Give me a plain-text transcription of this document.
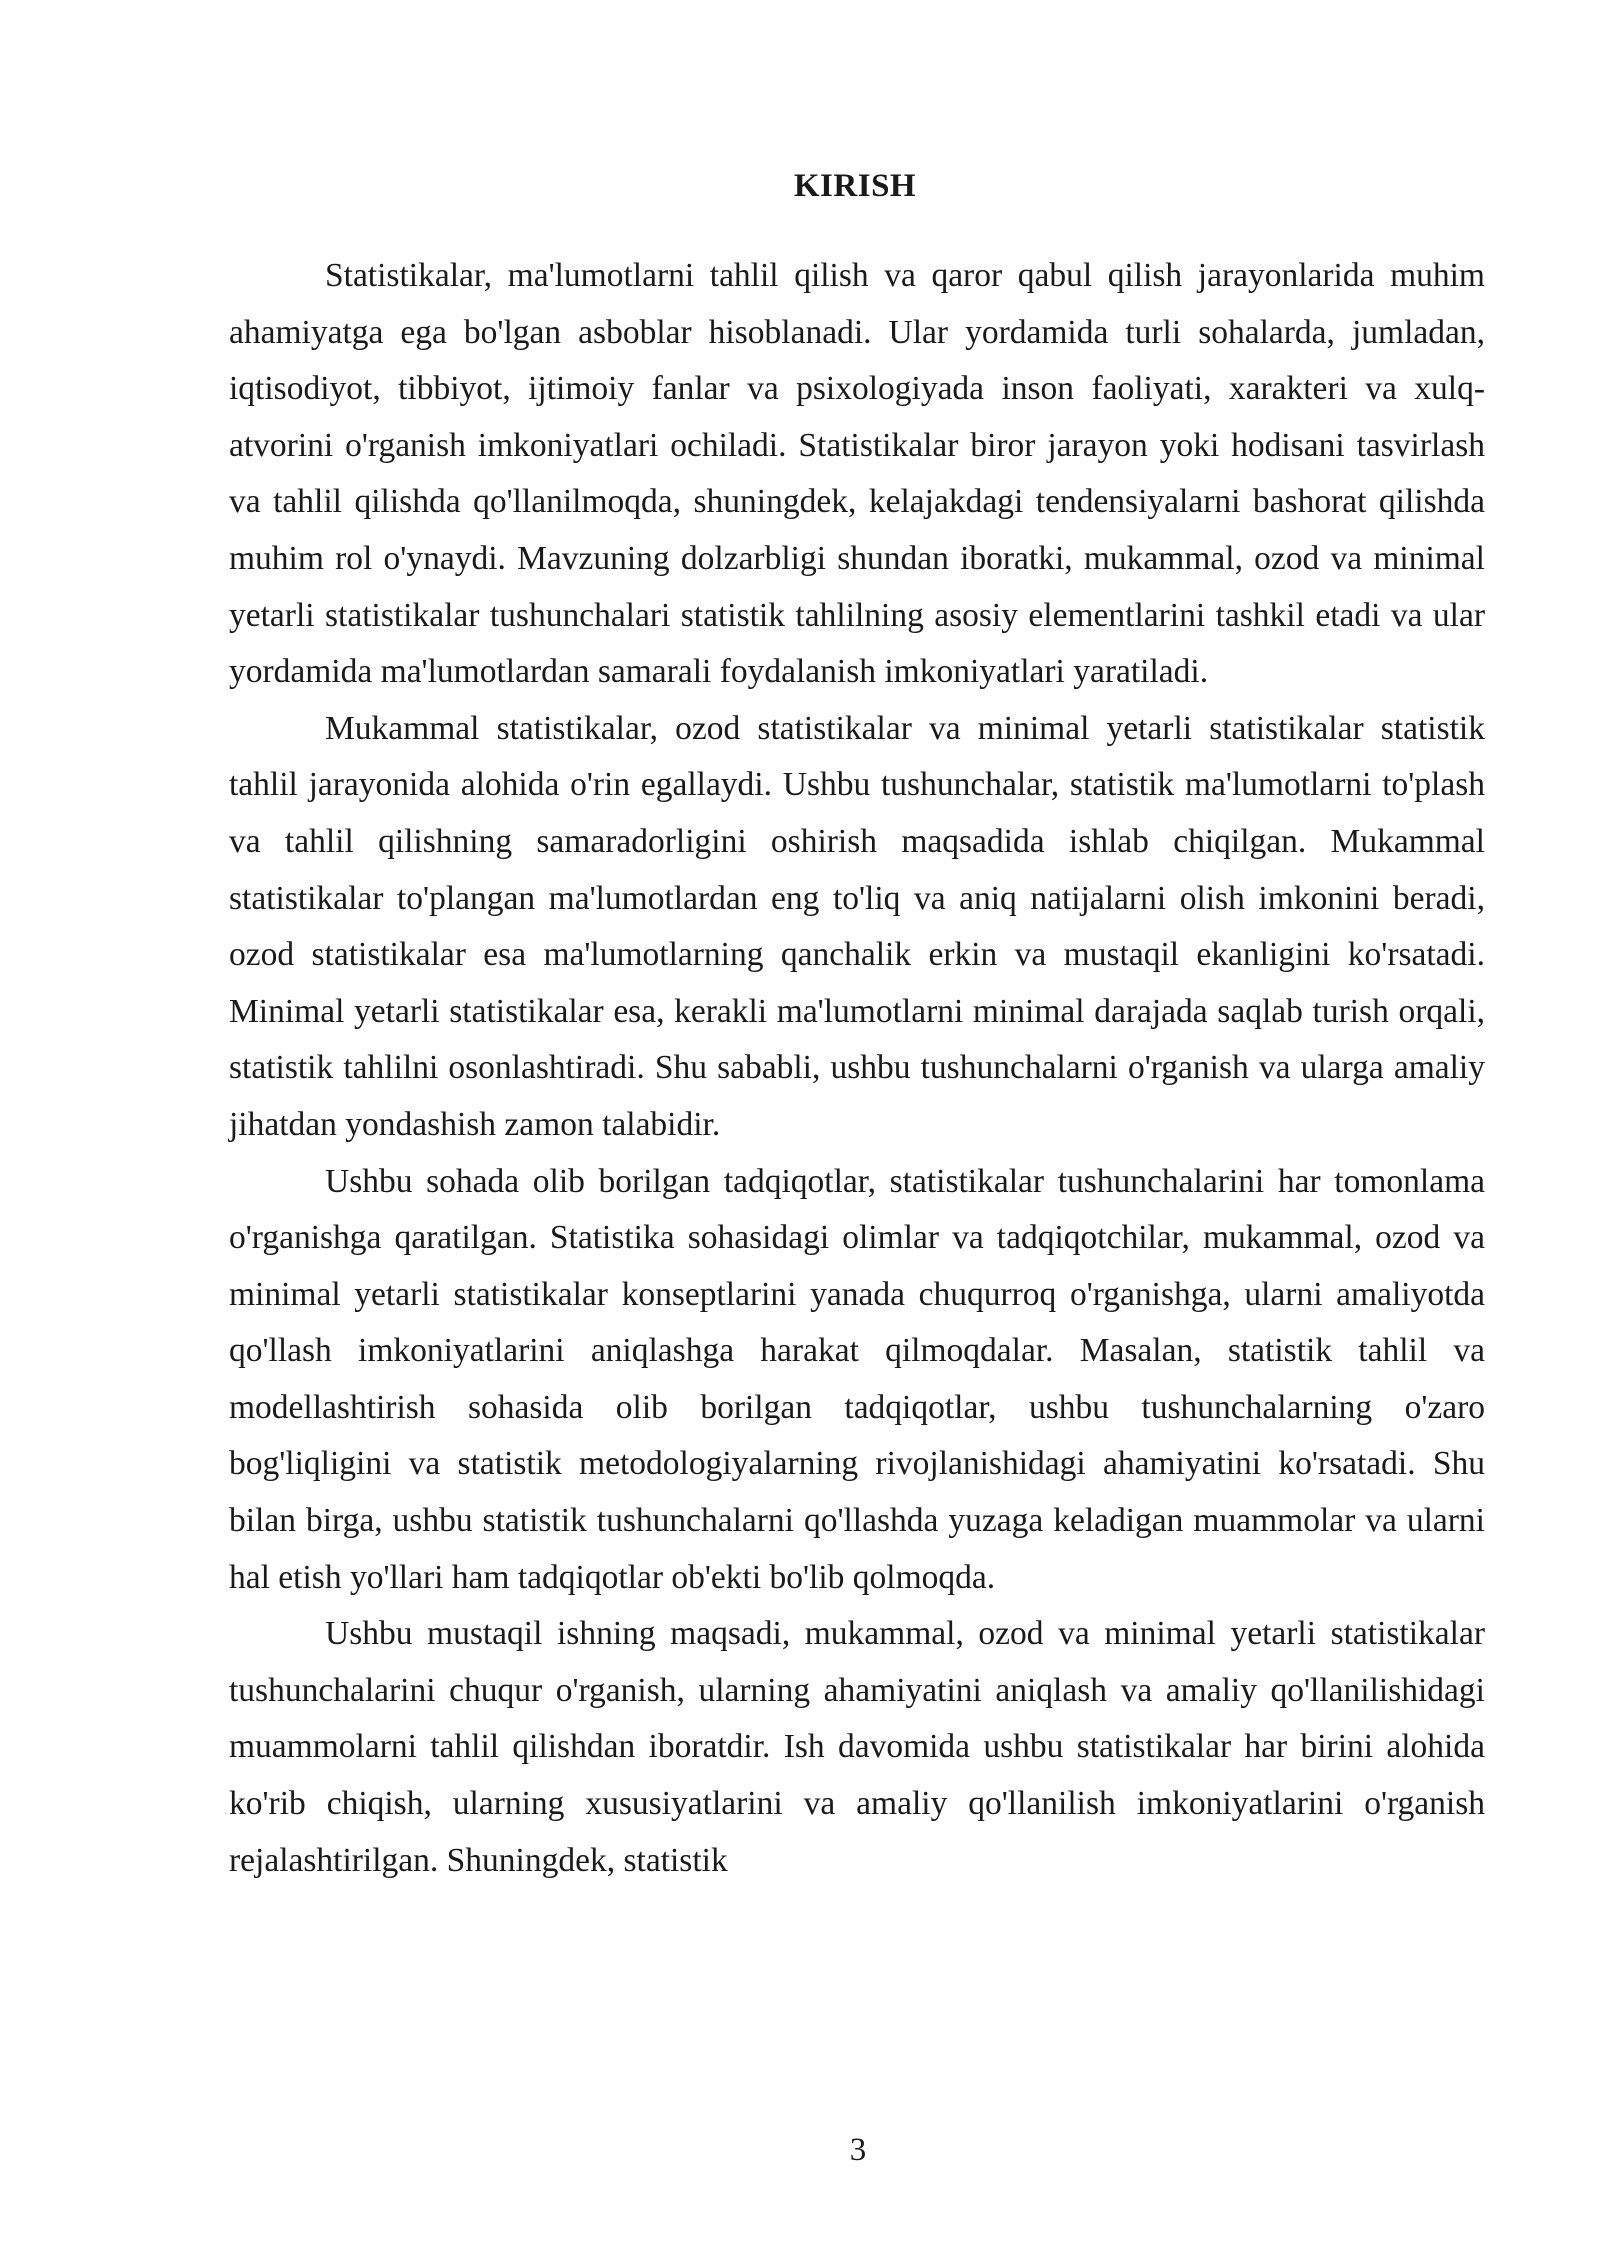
KIRISH

Statistikalar, ma'lumotlarni tahlil qilish va qaror qabul qilish jarayonlarida muhim ahamiyatga ega bo'lgan asboblar hisoblanadi. Ular yordamida turli sohalarda, jumladan, iqtisodiyot, tibbiyot, ijtimoiy fanlar va psixologiyada inson faoliyati, xarakteri va xulq-atvorini o'rganish imkoniyatlari ochiladi. Statistikalar biror jarayon yoki hodisani tasvirlash va tahlil qilishda qo'llanilmoqda, shuningdek, kelajakdagi tendensiyalarni bashorat qilishda muhim rol o'ynaydi. Mavzuning dolzarbligi shundan iboratki, mukammal, ozod va minimal yetarli statistikalar tushunchalari statistik tahlilning asosiy elementlarini tashkil etadi va ular yordamida ma'lumotlardan samarali foydalanish imkoniyatlari yaratiladi.

Mukammal statistikalar, ozod statistikalar va minimal yetarli statistikalar statistik tahlil jarayonida alohida o'rin egallaydi. Ushbu tushunchalar, statistik ma'lumotlarni to'plash va tahlil qilishning samaradorligini oshirish maqsadida ishlab chiqilgan. Mukammal statistikalar to'plangan ma'lumotlardan eng to'liq va aniq natijalarni olish imkonini beradi, ozod statistikalar esa ma'lumotlarning qanchalik erkin va mustaqil ekanligini ko'rsatadi. Minimal yetarli statistikalar esa, kerakli ma'lumotlarni minimal darajada saqlab turish orqali, statistik tahlilni osonlashtiradi. Shu sababli, ushbu tushunchalarni o'rganish va ularga amaliy jihatdan yondashish zamon talabidir.

Ushbu sohada olib borilgan tadqiqotlar, statistikalar tushunchalarini har tomonlama o'rganishga qaratilgan. Statistika sohasidagi olimlar va tadqiqotchilar, mukammal, ozod va minimal yetarli statistikalar konseptlarini yanada chuqurroq o'rganishga, ularni amaliyotda qo'llash imkoniyatlarini aniqlashga harakat qilmoqdalar. Masalan, statistik tahlil va modellashtirish sohasida olib borilgan tadqiqotlar, ushbu tushunchalarning o'zaro bog'liqligini va statistik metodologiyalarning rivojlanishidagi ahamiyatini ko'rsatadi. Shu bilan birga, ushbu statistik tushunchalarni qo'llashda yuzaga keladigan muammolar va ularni hal etish yo'llari ham tadqiqotlar ob'ekti bo'lib qolmoqda.

Ushbu mustaqil ishning maqsadi, mukammal, ozod va minimal yetarli statistikalar tushunchalarini chuqur o'rganish, ularning ahamiyatini aniqlash va amaliy qo'llanilishidagi muammolarni tahlil qilishdan iboratdir. Ish davomida ushbu statistikalar har birini alohida ko'rib chiqish, ularning xususiyatlarini va amaliy qo'llanilish imkoniyatlarini o'rganish rejalashtirilgan. Shuningdek, statistik

3
